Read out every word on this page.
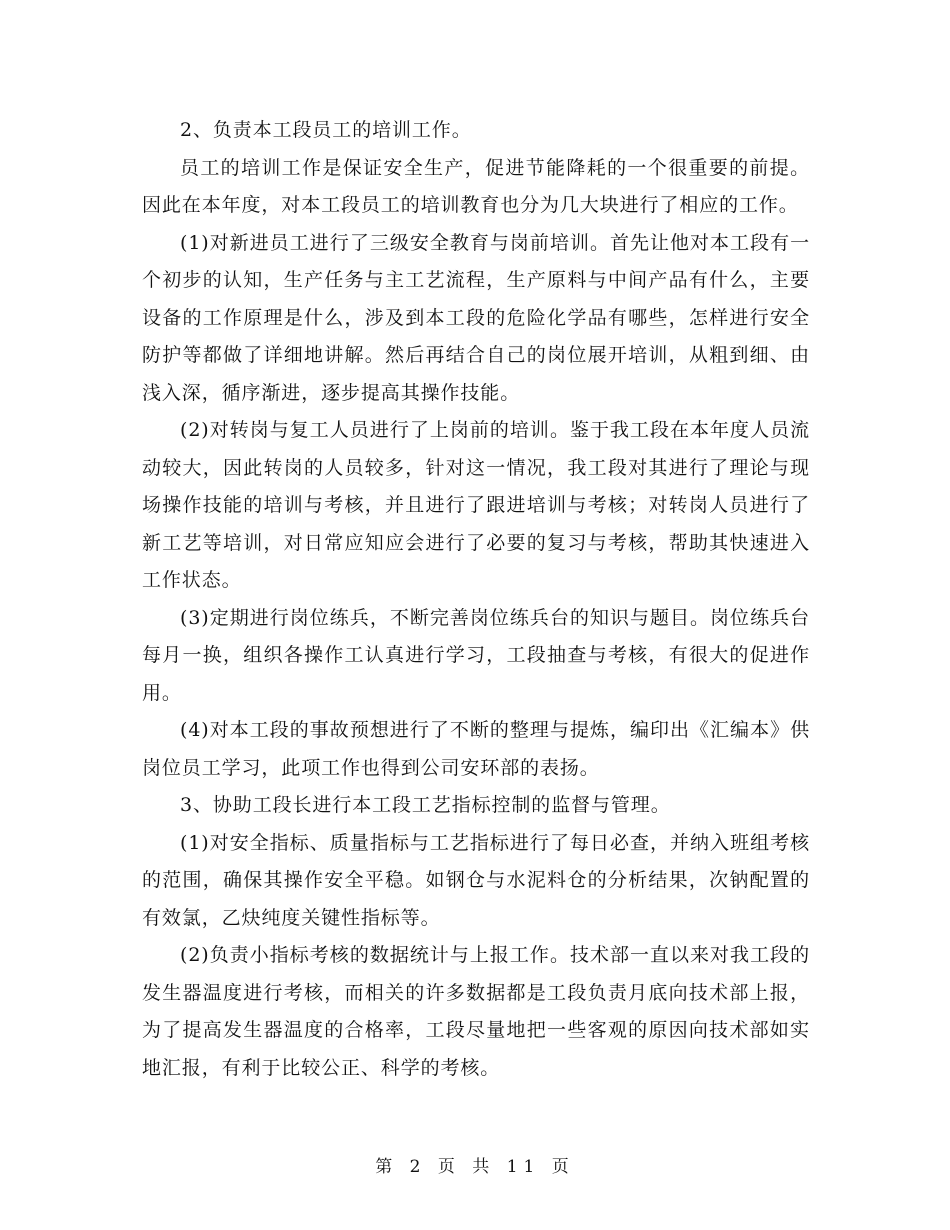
2、负责本工段员工的培训工作。

员工的培训工作是保证安全生产，促进节能降耗的一个很重要的前提。因此在本年度，对本工段员工的培训教育也分为几大块进行了相应的工作。

(1)对新进员工进行了三级安全教育与岗前培训。首先让他对本工段有一个初步的认知，生产任务与主工艺流程，生产原料与中间产品有什么，主要设备的工作原理是什么，涉及到本工段的危险化学品有哪些，怎样进行安全防护等都做了详细地讲解。然后再结合自己的岗位展开培训，从粗到细、由浅入深，循序渐进，逐步提高其操作技能。

(2)对转岗与复工人员进行了上岗前的培训。鉴于我工段在本年度人员流动较大，因此转岗的人员较多，针对这一情况，我工段对其进行了理论与现场操作技能的培训与考核，并且进行了跟进培训与考核；对转岗人员进行了新工艺等培训，对日常应知应会进行了必要的复习与考核，帮助其快速进入工作状态。

(3)定期进行岗位练兵，不断完善岗位练兵台的知识与题目。岗位练兵台每月一换，组织各操作工认真进行学习，工段抽查与考核，有很大的促进作用。

(4)对本工段的事故预想进行了不断的整理与提炼，编印出《汇编本》供岗位员工学习，此项工作也得到公司安环部的表扬。

3、协助工段长进行本工段工艺指标控制的监督与管理。

(1)对安全指标、质量指标与工艺指标进行了每日必查，并纳入班组考核的范围，确保其操作安全平稳。如钢仓与水泥料仓的分析结果，次钠配置的有效氯，乙炔纯度关键性指标等。

(2)负责小指标考核的数据统计与上报工作。技术部一直以来对我工段的发生器温度进行考核，而相关的许多数据都是工段负责月底向技术部上报，为了提高发生器温度的合格率，工段尽量地把一些客观的原因向技术部如实地汇报，有利于比较公正、科学的考核。

第 2 页 共 11 页
